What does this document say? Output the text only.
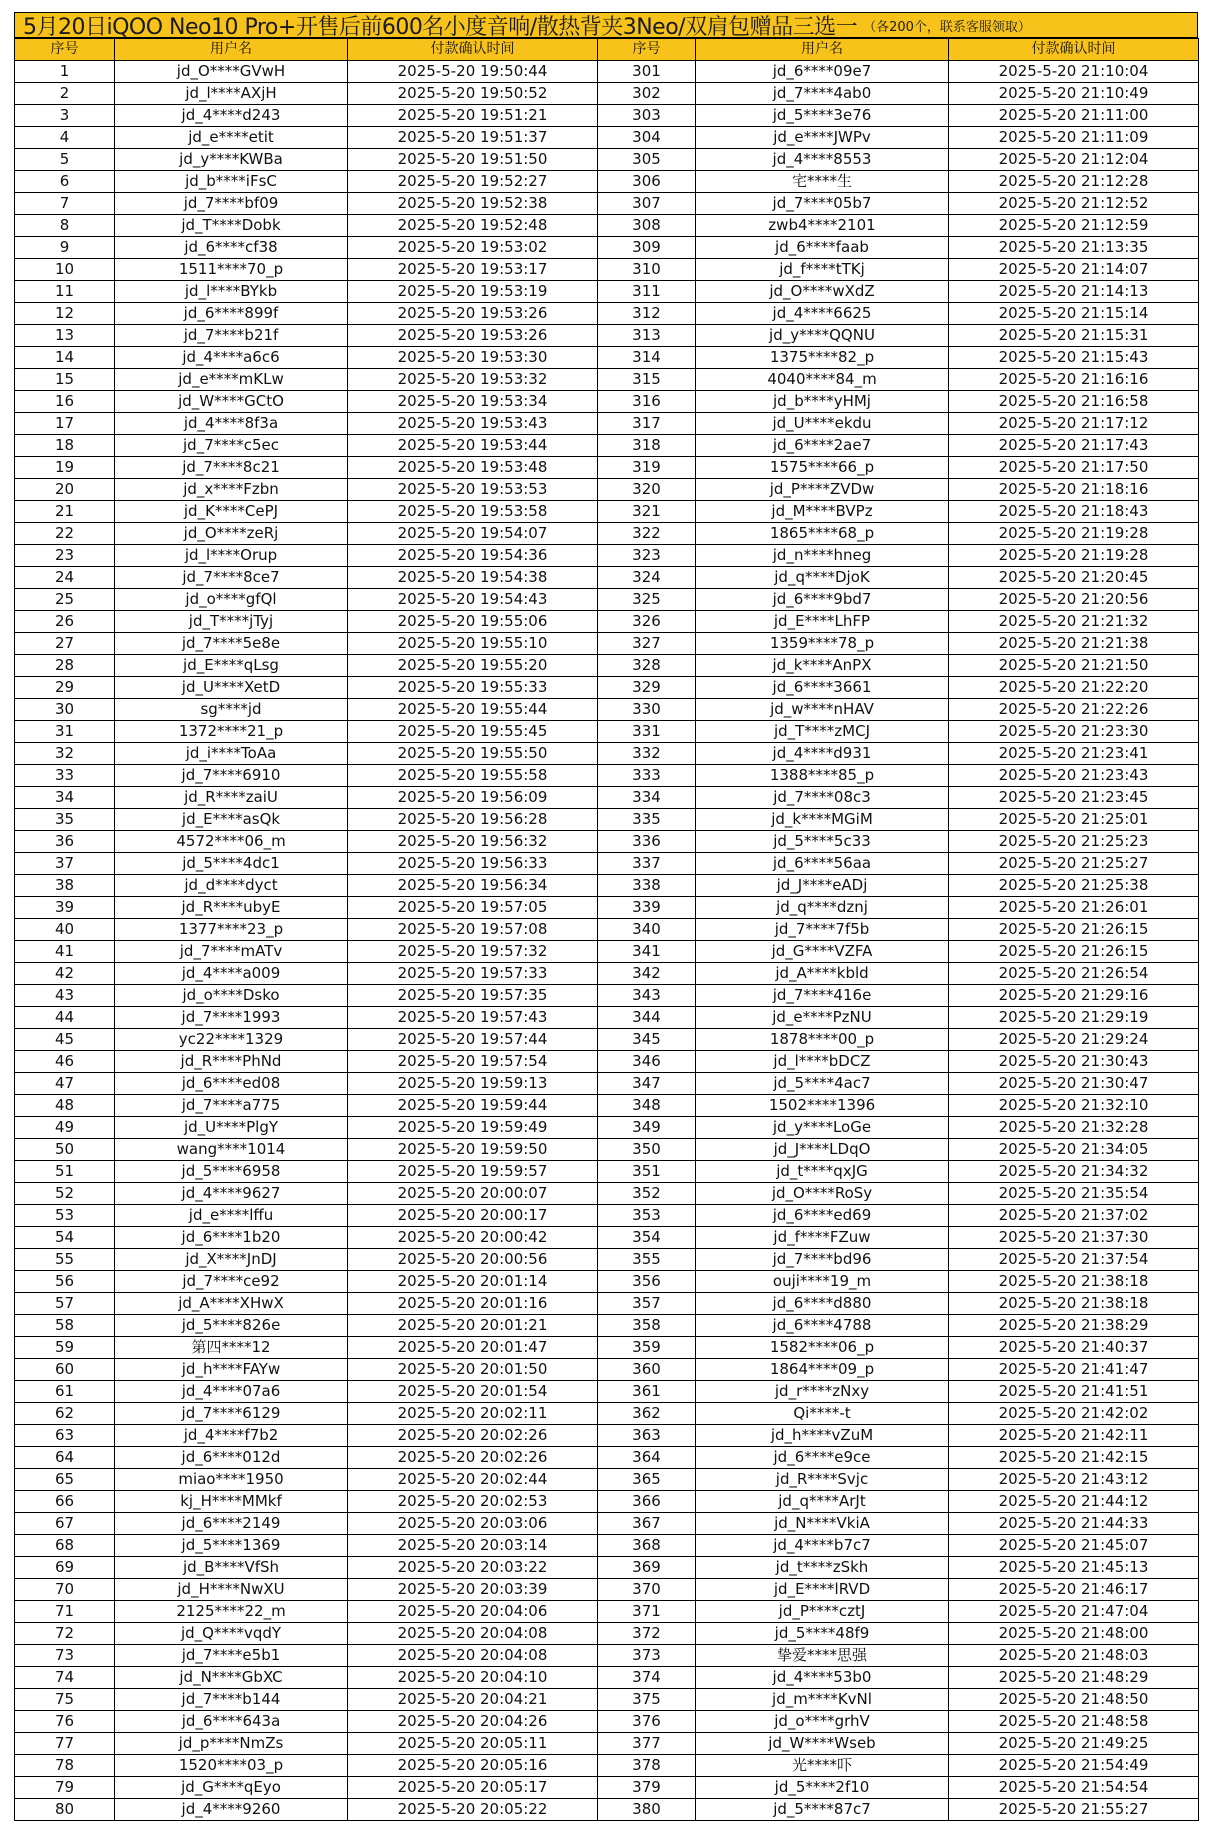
5月20日iQOO Neo10 Pro+开售后前600名小度音响/散热背夹3Neo/双肩包赠品三选一 （各200个，联系客服领取）
序号	用户名	付款确认时间	序号	用户名	付款确认时间
1	jd_O****GVwH	2025-5-20 19:50:44	301	jd_6****09e7	2025-5-20 21:10:04
2	jd_l****AXjH	2025-5-20 19:50:52	302	jd_7****4ab0	2025-5-20 21:10:49
3	jd_4****d243	2025-5-20 19:51:21	303	jd_5****3e76	2025-5-20 21:11:00
4	jd_e****etit	2025-5-20 19:51:37	304	jd_e****JWPv	2025-5-20 21:11:09
5	jd_y****KWBa	2025-5-20 19:51:50	305	jd_4****8553	2025-5-20 21:12:04
6	jd_b****iFsC	2025-5-20 19:52:27	306	宅****生	2025-5-20 21:12:28
7	jd_7****bf09	2025-5-20 19:52:38	307	jd_7****05b7	2025-5-20 21:12:52
8	jd_T****Dobk	2025-5-20 19:52:48	308	zwb4****2101	2025-5-20 21:12:59
9	jd_6****cf38	2025-5-20 19:53:02	309	jd_6****faab	2025-5-20 21:13:35
10	1511****70_p	2025-5-20 19:53:17	310	jd_f****tTKj	2025-5-20 21:14:07
11	jd_l****BYkb	2025-5-20 19:53:19	311	jd_O****wXdZ	2025-5-20 21:14:13
12	jd_6****899f	2025-5-20 19:53:26	312	jd_4****6625	2025-5-20 21:15:14
13	jd_7****b21f	2025-5-20 19:53:26	313	jd_y****QQNU	2025-5-20 21:15:31
14	jd_4****a6c6	2025-5-20 19:53:30	314	1375****82_p	2025-5-20 21:15:43
15	jd_e****mKLw	2025-5-20 19:53:32	315	4040****84_m	2025-5-20 21:16:16
16	jd_W****GCtO	2025-5-20 19:53:34	316	jd_b****yHMj	2025-5-20 21:16:58
17	jd_4****8f3a	2025-5-20 19:53:43	317	jd_U****ekdu	2025-5-20 21:17:12
18	jd_7****c5ec	2025-5-20 19:53:44	318	jd_6****2ae7	2025-5-20 21:17:43
19	jd_7****8c21	2025-5-20 19:53:48	319	1575****66_p	2025-5-20 21:17:50
20	jd_x****Fzbn	2025-5-20 19:53:53	320	jd_P****ZVDw	2025-5-20 21:18:16
21	jd_K****CePJ	2025-5-20 19:53:58	321	jd_M****BVPz	2025-5-20 21:18:43
22	jd_O****zeRj	2025-5-20 19:54:07	322	1865****68_p	2025-5-20 21:19:28
23	jd_l****Orup	2025-5-20 19:54:36	323	jd_n****hneg	2025-5-20 21:19:28
24	jd_7****8ce7	2025-5-20 19:54:38	324	jd_q****DjoK	2025-5-20 21:20:45
25	jd_o****gfQl	2025-5-20 19:54:43	325	jd_6****9bd7	2025-5-20 21:20:56
26	jd_T****jTyj	2025-5-20 19:55:06	326	jd_E****LhFP	2025-5-20 21:21:32
27	jd_7****5e8e	2025-5-20 19:55:10	327	1359****78_p	2025-5-20 21:21:38
28	jd_E****qLsg	2025-5-20 19:55:20	328	jd_k****AnPX	2025-5-20 21:21:50
29	jd_U****XetD	2025-5-20 19:55:33	329	jd_6****3661	2025-5-20 21:22:20
30	sg****jd	2025-5-20 19:55:44	330	jd_w****nHAV	2025-5-20 21:22:26
31	1372****21_p	2025-5-20 19:55:45	331	jd_T****zMCJ	2025-5-20 21:23:30
32	jd_i****ToAa	2025-5-20 19:55:50	332	jd_4****d931	2025-5-20 21:23:41
33	jd_7****6910	2025-5-20 19:55:58	333	1388****85_p	2025-5-20 21:23:43
34	jd_R****zaiU	2025-5-20 19:56:09	334	jd_7****08c3	2025-5-20 21:23:45
35	jd_E****asQk	2025-5-20 19:56:28	335	jd_k****MGiM	2025-5-20 21:25:01
36	4572****06_m	2025-5-20 19:56:32	336	jd_5****5c33	2025-5-20 21:25:23
37	jd_5****4dc1	2025-5-20 19:56:33	337	jd_6****56aa	2025-5-20 21:25:27
38	jd_d****dyct	2025-5-20 19:56:34	338	jd_J****eADj	2025-5-20 21:25:38
39	jd_R****ubyE	2025-5-20 19:57:05	339	jd_q****dznj	2025-5-20 21:26:01
40	1377****23_p	2025-5-20 19:57:08	340	jd_7****7f5b	2025-5-20 21:26:15
41	jd_7****mATv	2025-5-20 19:57:32	341	jd_G****VZFA	2025-5-20 21:26:15
42	jd_4****a009	2025-5-20 19:57:33	342	jd_A****kbld	2025-5-20 21:26:54
43	jd_o****Dsko	2025-5-20 19:57:35	343	jd_7****416e	2025-5-20 21:29:16
44	jd_7****1993	2025-5-20 19:57:43	344	jd_e****PzNU	2025-5-20 21:29:19
45	yc22****1329	2025-5-20 19:57:44	345	1878****00_p	2025-5-20 21:29:24
46	jd_R****PhNd	2025-5-20 19:57:54	346	jd_l****bDCZ	2025-5-20 21:30:43
47	jd_6****ed08	2025-5-20 19:59:13	347	jd_5****4ac7	2025-5-20 21:30:47
48	jd_7****a775	2025-5-20 19:59:44	348	1502****1396	2025-5-20 21:32:10
49	jd_U****PlgY	2025-5-20 19:59:49	349	jd_y****LoGe	2025-5-20 21:32:28
50	wang****1014	2025-5-20 19:59:50	350	jd_J****LDqO	2025-5-20 21:34:05
51	jd_5****6958	2025-5-20 19:59:57	351	jd_t****qxJG	2025-5-20 21:34:32
52	jd_4****9627	2025-5-20 20:00:07	352	jd_O****RoSy	2025-5-20 21:35:54
53	jd_e****lffu	2025-5-20 20:00:17	353	jd_6****ed69	2025-5-20 21:37:02
54	jd_6****1b20	2025-5-20 20:00:42	354	jd_f****FZuw	2025-5-20 21:37:30
55	jd_X****JnDJ	2025-5-20 20:00:56	355	jd_7****bd96	2025-5-20 21:37:54
56	jd_7****ce92	2025-5-20 20:01:14	356	ouji****19_m	2025-5-20 21:38:18
57	jd_A****XHwX	2025-5-20 20:01:16	357	jd_6****d880	2025-5-20 21:38:18
58	jd_5****826e	2025-5-20 20:01:21	358	jd_6****4788	2025-5-20 21:38:29
59	第四****12	2025-5-20 20:01:47	359	1582****06_p	2025-5-20 21:40:37
60	jd_h****FAYw	2025-5-20 20:01:50	360	1864****09_p	2025-5-20 21:41:47
61	jd_4****07a6	2025-5-20 20:01:54	361	jd_r****zNxy	2025-5-20 21:41:51
62	jd_7****6129	2025-5-20 20:02:11	362	Qi****-t	2025-5-20 21:42:02
63	jd_4****f7b2	2025-5-20 20:02:26	363	jd_h****vZuM	2025-5-20 21:42:11
64	jd_6****012d	2025-5-20 20:02:26	364	jd_6****e9ce	2025-5-20 21:42:15
65	miao****1950	2025-5-20 20:02:44	365	jd_R****Svjc	2025-5-20 21:43:12
66	kj_H****MMkf	2025-5-20 20:02:53	366	jd_q****ArJt	2025-5-20 21:44:12
67	jd_6****2149	2025-5-20 20:03:06	367	jd_N****VkiA	2025-5-20 21:44:33
68	jd_5****1369	2025-5-20 20:03:14	368	jd_4****b7c7	2025-5-20 21:45:07
69	jd_B****VfSh	2025-5-20 20:03:22	369	jd_t****zSkh	2025-5-20 21:45:13
70	jd_H****NwXU	2025-5-20 20:03:39	370	jd_E****lRVD	2025-5-20 21:46:17
71	2125****22_m	2025-5-20 20:04:06	371	jd_P****cztJ	2025-5-20 21:47:04
72	jd_Q****vqdY	2025-5-20 20:04:08	372	jd_5****48f9	2025-5-20 21:48:00
73	jd_7****e5b1	2025-5-20 20:04:08	373	挚爱****思强	2025-5-20 21:48:03
74	jd_N****GbXC	2025-5-20 20:04:10	374	jd_4****53b0	2025-5-20 21:48:29
75	jd_7****b144	2025-5-20 20:04:21	375	jd_m****KvNl	2025-5-20 21:48:50
76	jd_6****643a	2025-5-20 20:04:26	376	jd_o****grhV	2025-5-20 21:48:58
77	jd_p****NmZs	2025-5-20 20:05:11	377	jd_W****Wseb	2025-5-20 21:49:25
78	1520****03_p	2025-5-20 20:05:16	378	光****吓	2025-5-20 21:54:49
79	jd_G****qEyo	2025-5-20 20:05:17	379	jd_5****2f10	2025-5-20 21:54:54
80	jd_4****9260	2025-5-20 20:05:22	380	jd_5****87c7	2025-5-20 21:55:27
